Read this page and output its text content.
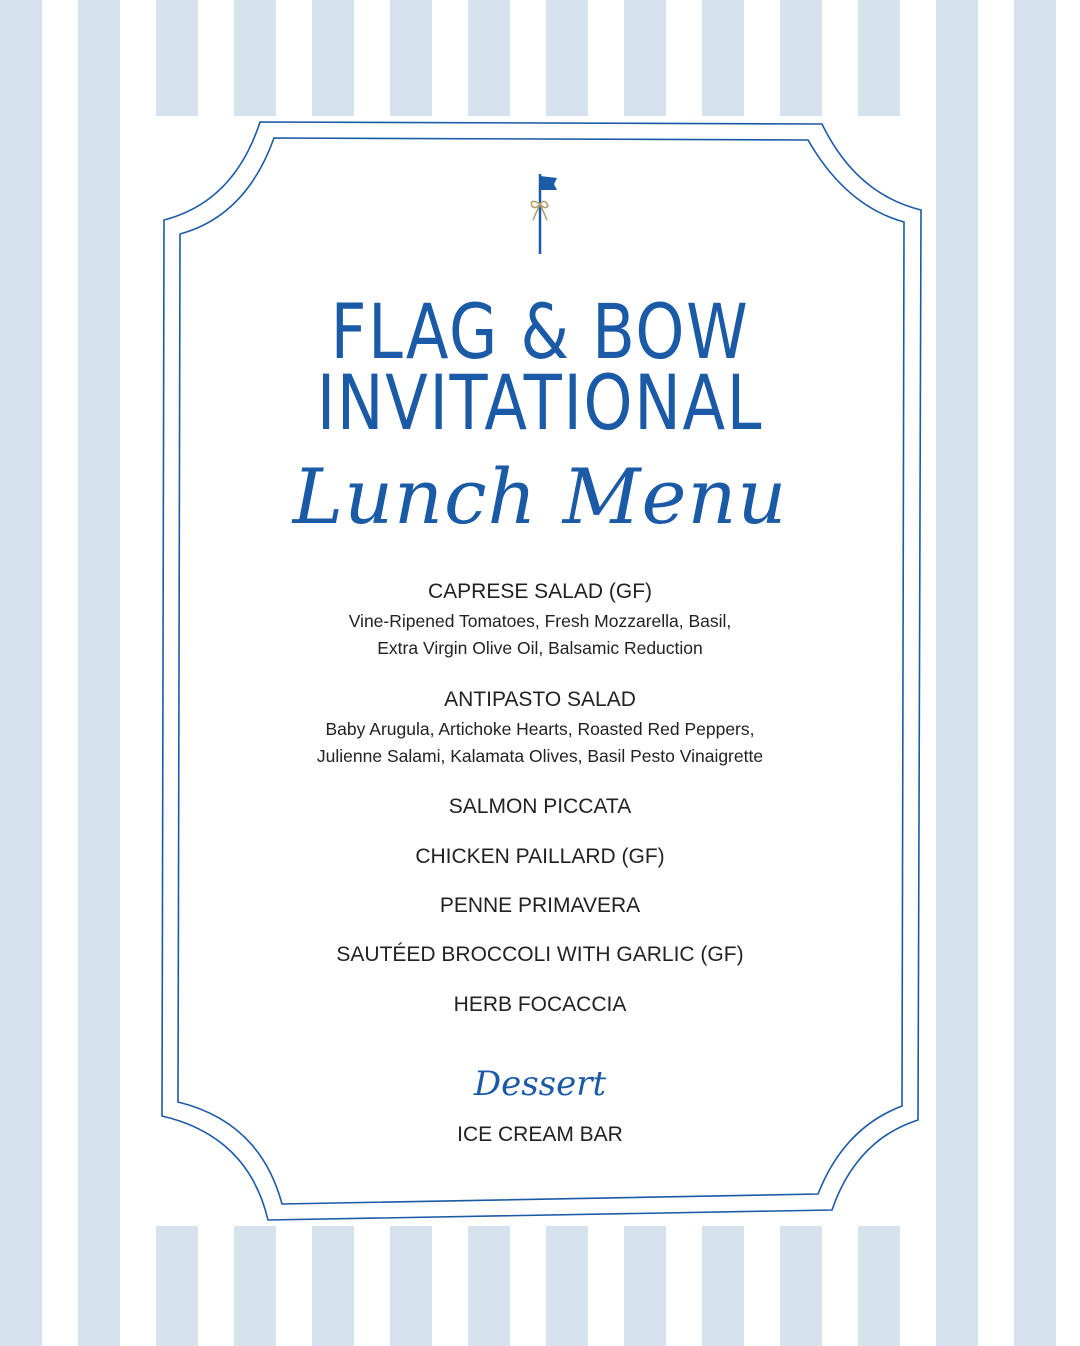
FLAG & BOW
INVITATIONAL
Lunch Menu
CAPRESE SALAD (GF)
Vine-Ripened Tomatoes, Fresh Mozzarella, Basil,
Extra Virgin Olive Oil, Balsamic Reduction
ANTIPASTO SALAD
Baby Arugula, Artichoke Hearts, Roasted Red Peppers,
Julienne Salami, Kalamata Olives, Basil Pesto Vinaigrette
SALMON PICCATA
CHICKEN PAILLARD (GF)
PENNE PRIMAVERA
SAUTÉED BROCCOLI WITH GARLIC (GF)
HERB FOCACCIA
Dessert
ICE CREAM BAR
